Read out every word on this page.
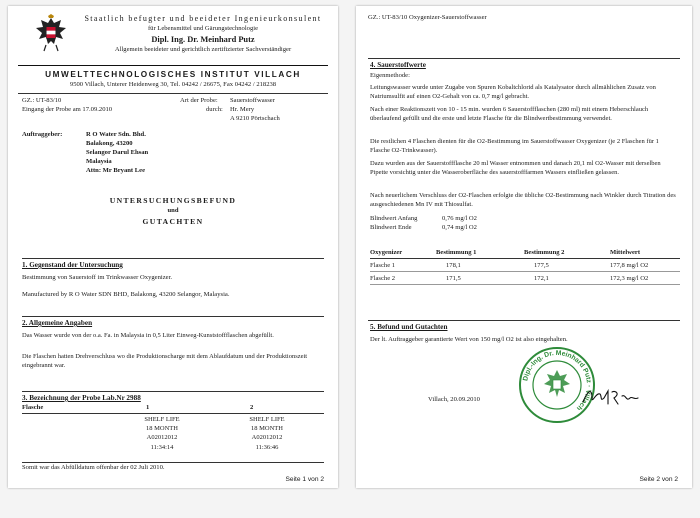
Staatlich befugter und beeideter Ingenieurkonsulent
für Lebensmittel und Gärungstechnologie
Dipl. Ing. Dr. Meinhard Putz
Allgemein beeideter und gerichtlich zertifizierter Sachverständiger
UMWELTTECHNOLOGISCHES INSTITUT VILLACH
9500 Villach, Unterer Heidenweg 30, Tel. 04242 / 26675, Fax 04242 / 218238
GZ.: UT-83/10
Eingang der Probe am 17.09.2010
Art der Probe: Sauerstoffwasser
durch: Hr. Mery
A 9210 Pörtschach
Auftraggeber:	R O Water Sdn. Bhd.
Balakong, 43200
Selangor Darul Ehsan
Malaysia
Attn: Mr Bryant Lee
UNTERSUCHUNGSBEFUND
und
GUTACHTEN
1. Gegenstand der Untersuchung
Bestimmung von Sauerstoff im Trinkwasser Oxygenizer.
Manufactured by R O Water SDN BHD, Balakong, 43200 Selangor, Malaysia.
2. Allgemeine Angaben
Das Wasser wurde von der o.a. Fa. in Malaysia in 0,5 Liter Einweg-Kunststoffflaschen abgefüllt.
Die Flaschen hatten Drehverschluss wo die Produktionscharge mit dem Ablaufdatum und der Produktionszeit eingebrannt war.
3. Bezeichnung der Probe Lab.Nr 2988
Flasche	1	2
	SHELF LIFE	SHELF LIFE
	18 MONTH	18 MONTH
	A02012012	A02012012
	11:34:14	11:36:46
Somit war das Abfülldatum offenbar der 02 Juli 2010.
Seite 1 von 2
GZ.: UT-83/10 Oxygenizer-Sauerstoffwasser
4. Sauerstoffwerte
Eigenmethode:
Leitungswasser wurde unter Zugabe von Spuren Kobaltchlorid als Katalysator durch allmählichen Zusatz von Natriumsulfit auf einen O2-Gehalt von ca. 0,7 mg/l gebracht.
Nach einer Reaktionszeit von 10 - 15 min. wurden 6 Sauerstoffflaschen (280 ml) mit einem Heberschlauch überlaufend gefüllt und die erste und letzte Flasche für die Blindwertbestimmung verwendet.
Die restlichen 4 Flaschen dienten für die O2-Bestimmung im Sauerstoffwasser Oxygenizer (je 2 Flaschen für 1 Flasche O2-Trinkwasser).
Dazu wurden aus der Sauerstoffflasche 20 ml Wasser entnommen und danach 20,1 ml O2-Wasser mit derselben Pipette vorsichtig unter die Wasseroberfläche des sauerstofffarmen Wassers einfließen gelassen.
Nach neuerlichem Verschluss der O2-Flaschen erfolgte die übliche O2-Bestimmung nach Winkler durch Titration des ausgeschiedenen Mn IV mit Thiosulfat.
Blindwert Anfang	0,76 mg/l O2
Blindwert Ende	0,74 mg/l O2
Oxygenizer	Bestimmung 1	Bestimmung 2	Mittelwert
Flasche 1	178,1	177,5	177,8 mg/l O2
Flasche 2	171,5	172,1	172,3 mg/l O2
5. Befund und Gutachten
Der lt. Auftraggeber garantierte Wert von 150 mg/l O2 ist also eingehalten.
Villach, 20.09.2010
Dipl.-Ing. Dr. Meinhard Putz · Villach
Seite 2 von 2
